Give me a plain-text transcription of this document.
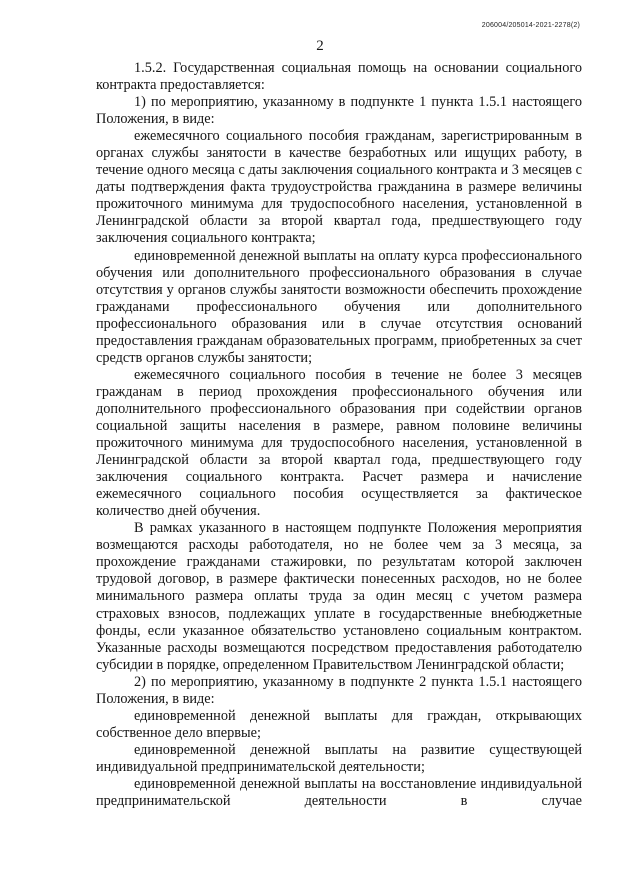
206004/205014-2021-2278(2)
2

1.5.2. Государственная социальная помощь на основании социального контракта предоставляется:

1) по мероприятию, указанному в подпункте 1 пункта 1.5.1 настоящего Положения, в виде:

ежемесячного социального пособия гражданам, зарегистрированным в органах службы занятости в качестве безработных или ищущих работу, в течение одного месяца с даты заключения социального контракта и 3 месяцев с даты подтверждения факта трудоустройства гражданина в размере величины прожиточного минимума для трудоспособного населения, установленной в Ленинградской области за второй квартал года, предшествующего году заключения социального контракта;

единовременной денежной выплаты на оплату курса профессионального обучения или дополнительного профессионального образования в случае отсутствия у органов службы занятости возможности обеспечить прохождение гражданами профессионального обучения или дополнительного профессионального образования или в случае отсутствия оснований предоставления гражданам образовательных программ, приобретенных за счет средств органов службы занятости;

ежемесячного социального пособия в течение не более 3 месяцев гражданам в период прохождения профессионального обучения или дополнительного профессионального образования при содействии органов социальной защиты населения в размере, равном половине величины прожиточного минимума для трудоспособного населения, установленной в Ленинградской области за второй квартал года, предшествующего году заключения социального контракта. Расчет размера и начисление ежемесячного социального пособия осуществляется за фактическое количество дней обучения.

В рамках указанного в настоящем подпункте Положения мероприятия возмещаются расходы работодателя, но не более чем за 3 месяца, за прохождение гражданами стажировки, по результатам которой заключен трудовой договор, в размере фактически понесенных расходов, но не более минимального размера оплаты труда за один месяц с учетом размера страховых взносов, подлежащих уплате в государственные внебюджетные фонды, если указанное обязательство установлено социальным контрактом. Указанные расходы возмещаются посредством предоставления работодателю субсидии в порядке, определенном Правительством Ленинградской области;

2) по мероприятию, указанному в подпункте 2 пункта 1.5.1 настоящего Положения, в виде:

единовременной денежной выплаты для граждан, открывающих собственное дело впервые;

единовременной денежной выплаты на развитие существующей индивидуальной предпринимательской деятельности;

единовременной денежной выплаты на восстановление индивидуальной предпринимательской деятельности в случае
